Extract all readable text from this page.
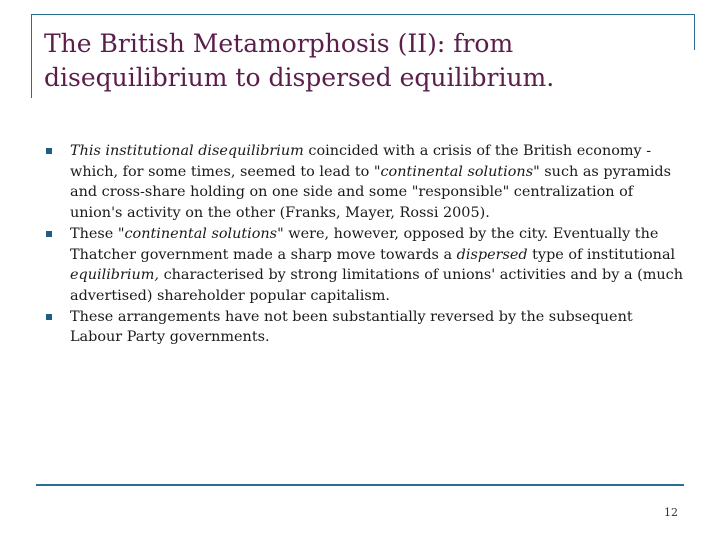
The British Metamorphosis (II): from disequilibrium to dispersed equilibrium.
This institutional disequilibrium coincided with a crisis of the British economy - which, for some times, seemed to lead to "continental solutions" such as pyramids and cross-share holding on one side and some "responsible" centralization of union's activity on the other (Franks, Mayer, Rossi 2005).
These "continental solutions" were, however, opposed by the city. Eventually the Thatcher government made a sharp move towards a dispersed type of institutional equilibrium, characterised by strong limitations of unions' activities and by a (much advertised) shareholder popular capitalism.
These arrangements have not been substantially reversed by the subsequent Labour Party governments.
12
